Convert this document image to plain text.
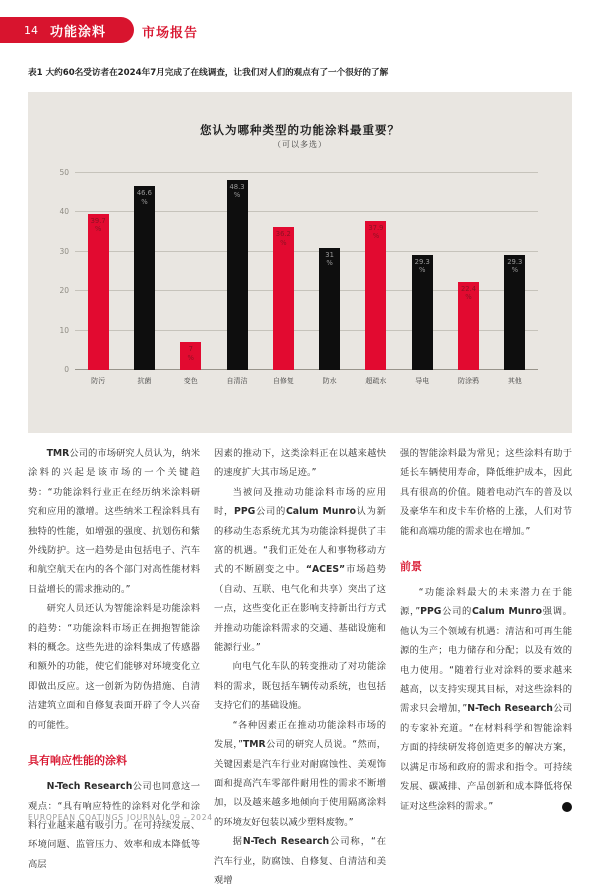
14 功能涂料	市场报告
表1 大约60名受访者在2024年7月完成了在线调查，让我们对人们的观点有了一个很好的了解
您认为哪种类型的功能涂料最重要？
（可以多选）
0
10
20
30
40
50
39.7
%
46.6
%
7
%
48.3
%
36.2
%
31
%
37.9
%
29.3
%
22.4
%
29.3
%
防污	抗菌	变色	自清洁	自修复	防水	超疏水	导电	防涂鸦	其他

TMR公司的市场研究人员认为，纳米涂料的兴起是该市场的一个关键趋势：“功能涂料行业正在经历纳米涂料研究和应用的激增。这些纳米工程涂料具有独特的性能，如增强的强度、抗划伤和紫外线防护。这一趋势是由包括电子、汽车和航空航天在内的各个部门对高性能材料日益增长的需求推动的。”

研究人员还认为智能涂料是功能涂料的趋势：“功能涂料市场正在拥抱智能涂料的概念。这些先进的涂料集成了传感器和额外的功能，使它们能够对环境变化立即做出反应。这一创新为防伪措施、自清洁建筑立面和自修复表面开辟了令人兴奋的可能性。

具有响应性能的涂料

N-Tech Research公司也同意这一观点：“具有响应特性的涂料对化学和涂料行业越来越有吸引力。在可持续发展、环境问题、监管压力、效率和成本降低等高层

因素的推动下，这类涂料正在以越来越快的速度扩大其市场足迹。”

当被问及推动功能涂料市场的应用时，PPG公司的Calum Munro认为新的移动生态系统尤其为功能涂料提供了丰富的机遇。“我们正处在人和事物移动方式的不断剧变之中。“ACES”市场趋势（自动、互联、电气化和共享）突出了这一点，这些变化正在影响支持新出行方式并推动功能涂料需求的交通、基础设施和能源行业。”

向电气化车队的转变推动了对功能涂料的需求，既包括车辆传动系统，也包括支持它们的基础设施。

“各种因素正在推动功能涂料市场的发展，”TMR公司的研究人员说。“然而，关键因素是汽车行业对耐腐蚀性、美观饰面和提高汽车零部件耐用性的需求不断增加，以及越来越多地倾向于使用隔离涂料的环境友好包装以减少塑料废物。”

据N-Tech Research公司称，“在汽车行业，防腐蚀、自修复、自清洁和美观增

强的智能涂料最为常见；这些涂料有助于延长车辆使用寿命，降低维护成本，因此具有很高的价值。随着电动汽车的普及以及豪华车和皮卡车价格的上涨，人们对节能和高端功能的需求也在增加。”

前景

“功能涂料最大的未来潜力在于能源，”PPG公司的Calum Munro强调。他认为三个领域有机遇：清洁和可再生能源的生产；电力储存和分配；以及有效的电力使用。“随着行业对涂料的要求越来越高，以支持实现其目标，对这些涂料的需求只会增加，”N-Tech Research公司的专家补充道。“在材料科学和智能涂料方面的持续研发将创造更多的解决方案，以满足市场和政府的需求和指令。可持续发展、碳减排、产品创新和成本降低将保证对这些涂料的需求。”	◀

EUROPEAN COATINGS JOURNAL 09 - 2024
